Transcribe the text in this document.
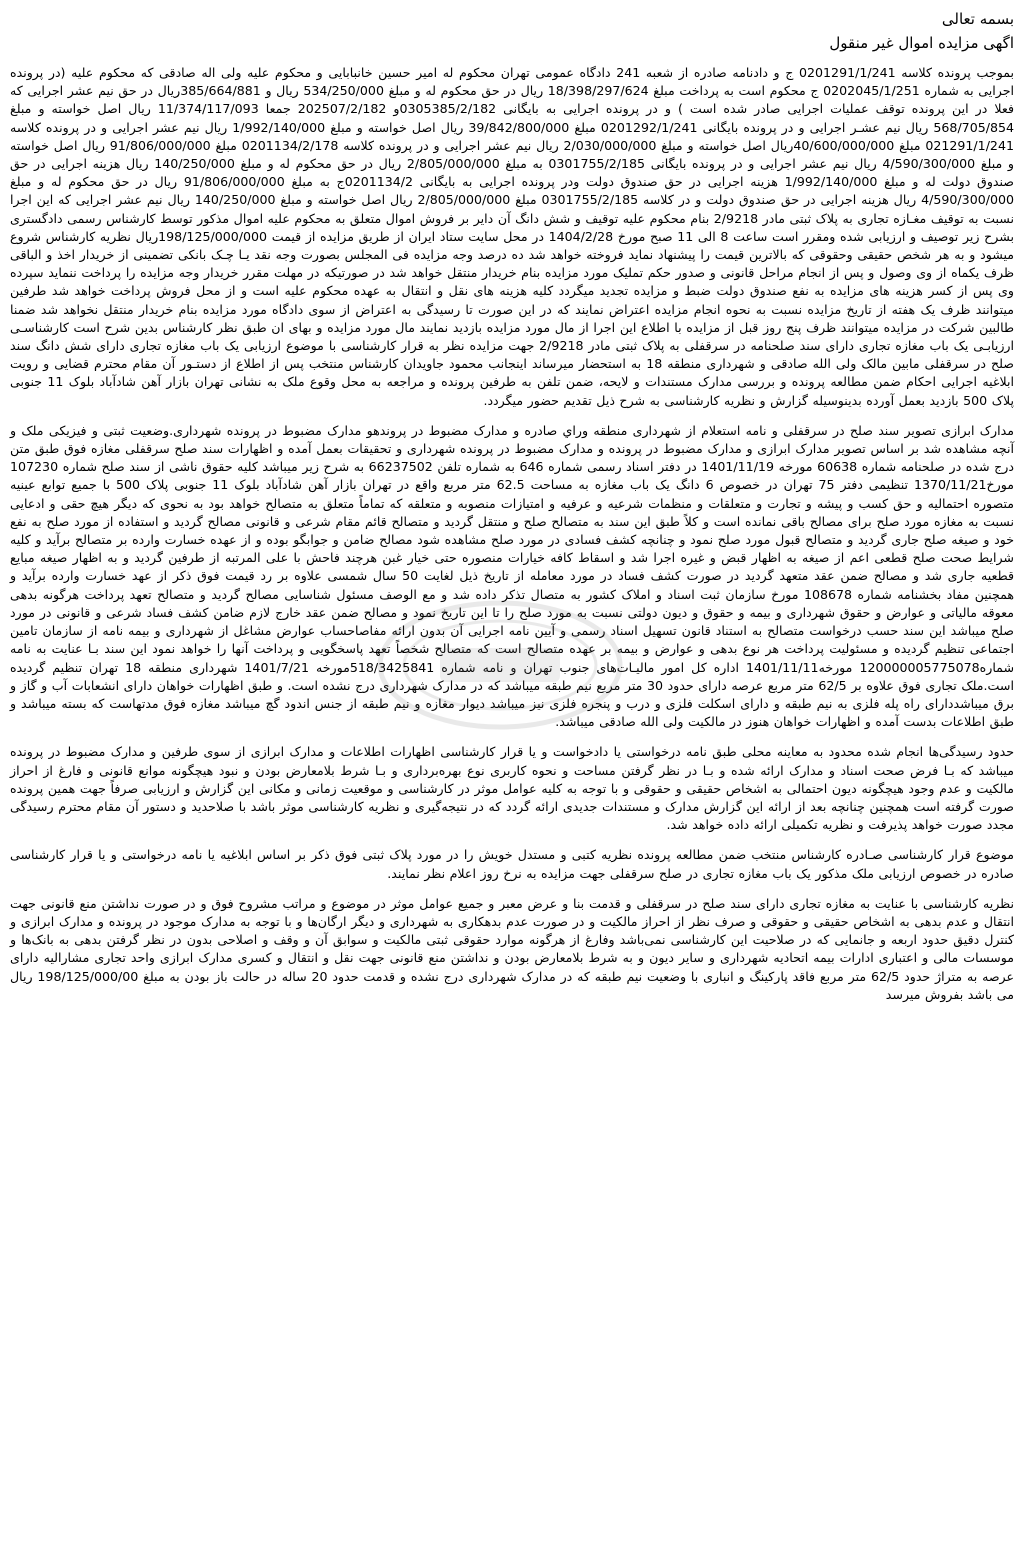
بسمه تعالی

اگهی مزایده اموال غیر منقول

بموجب پرونده کلاسه 0201291/1/241 ج و دادنامه صادره از شعبه 241 دادگاه عمومی تهران محکوم له امیر حسین خانبابایی و محکوم علیه ولی اله صادقی که محکوم علیه (در پرونده اجرایی به شماره 0202045/1/251 ج محکوم است به پرداخت مبلغ 18/398/297/624 ریال در حق محکوم له و مبلغ 534/250/000 ریال و 385/664/881ریال در حق نیم عشر اجرایی که فعلا در این پرونده توقف عملیات اجرایی صادر شده است ) و در پرونده اجرایی به بایگانی 0305385/2/182و 202507/2/182 جمعا 11/374/117/093 ریال اصل خواسته و مبلغ 568/705/854 ریال نیم عشـر اجرایی و در پرونده بایگانی 0201292/1/241 مبلغ 39/842/800/000 ریال اصل خواسته و مبلغ 1/992/140/000 ریال نیم عشر اجرایی و در پرونده کلاسه 021291/1/241 مبلغ 40/600/000/000ریال اصل خواسته و مبلغ 2/030/000/000 ریال نیم عشر اجرایی و در پرونده کلاسه 0201134/2/178 مبلغ 91/806/000/000 ریال اصل خواسته و مبلغ 4/590/300/000 ریال نیم عشر اجرایی و در پرونده بایگانی 0301755/2/185 به مبلغ 2/805/000/000 ریال در حق محکوم له و مبلغ 140/250/000 ریال هزینه اجرایی در حق صندوق دولت له و مبلغ 1/992/140/000 هزینه اجرایی در حق صندوق دولت ودر پرونده اجرایی به بایگانی 0201134/2ج به مبلغ 91/806/000/000 ریال در حق محکوم له و مبلغ 4/590/300/000 ریال هزینه اجرایی در حق صندوق دولت و در کلاسه 0301755/2/185 مبلغ 2/805/000/000 ریال اصل خواسته و مبلغ 140/250/000 ریال نیم عشر اجرایی که این اجرا نسبت به توقیف مغـازه تجاری به پلاک ثبتی مادر 2/9218 بنام محکوم علیه توقیف و شش دانگ آن دایر بر فروش اموال متعلق به محکوم علیه اموال مذکور توسط کارشناس رسمی دادگستری بشرح زیر توصیف و ارزیابی شده ومقرر است ساعت 8 الی 11 صبح مورخ 1404/2/28 در محل سایت ستاد ایران از طریق مزایده از قیمت 198/125/000/000ریال نظریه کارشناس شروع میشود و به هر شخص حقیقی وحقوقی که بالاترین قیمت را پیشنهاد نماید فروخته خواهد شد ده درصد وجه مزایده فی المجلس بصورت وجه نقد یـا چـک بانکی تضمینی از خریدار اخذ و الباقی ظرف یکماه از وی وصول و پس از انجام مراحل قانونی و صدور حکم تملیک مورد مزایده بنام خریدار منتقل خواهد شد در صورتیکه در مهلت مقرر خریدار وجه مزایده را پرداخت ننماید سپرده وی پس از کسر هزینه های مزایده به نفع صندوق دولت ضبط و مزایده تجدید میگردد کلیه هزینه های نقل و انتقال به عهده محکوم علیه است و از محل فروش پرداخت خواهد شد طرفین میتوانند ظرف یک هفته از تاریخ مزایده نسبت به نحوه انجام مزایده اعتراض نمایند که در این صورت تا رسیدگی به اعتراض از سوی دادگاه مورد مزایده بنام خریدار منتقل نخواهد شد ضمنا طالبین شرکت در مزایده میتوانند ظرف پنج روز قبل از مزایده با اطلاع این اجرا از مال مورد مزایده بازدید نمایند مال مورد مزایده و بهای ان طبق نظر کارشناس بدین شرح است کارشناسـی ارزیابـی یک باب مغازه تجاری دارای سند صلحنامه در سرقفلی به پلاک ثبتی مادر 2/9218 جهت مزایده نظر به قرار کارشناسی با موضوع ارزیابی یک باب مغازه تجاری دارای شش دانگ سند صلح در سرقفلی مابین مالک ولی الله صادقی و شهرداری منطقه 18 به استحضار میرساند اینجانب محمود جاویدان کارشناس منتخب پس از اطلاع از دستـور آن مقام محترم قضایی و رویت ابلاغیه اجرایی احکام ضمن مطالعه پرونده و بررسی مدارک مستندات و لایحه، ضمن تلفن به طرفین پرونده و مراجعه به محل وقوع ملک به نشانی تهران بازار آهن شادآباد بلوک 11 جنوبی پلاک 500 بازدید بعمل آورده بدینوسیله گزارش و نظریه کارشناسی به شرح ذیل تقدیم حضور میگردد.

مدارک ابرازی تصویر سند صلح در سرقفلی و نامه استعلام از شهرداری منطقه وراي صادره و مدارک مضبوط در پروندهو مدارک مضبوط در پرونده شهرداری.وضعیت ثبتی و فیزیکی ملک و آنچه مشاهده شد بر اساس تصویر مدارک ابرازی و مدارک مضبوط در پرونده و مدارک مضبوط در پرونده شهرداری و تحقیقات بعمل آمده و اظهارات سند صلح سرقفلی مغازه فوق طبق متن درج شده در صلحنامه شماره 60638 مورخه 1401/11/19 در دفتر اسناد رسمی شماره 646 به شماره تلفن 66237502 به شرح زیر میباشد کلیه حقوق ناشی از سند صلح شماره 107230 مورخ1370/11/21 تنظیمی دفتر 75 تهران در خصوص 6 دانگ یک باب مغازه به مساحت 62.5 متر مربع واقع در تهران بازار آهن شادآباد بلوک 11 جنوبی پلاک 500 با جمیع توابع عینیه متصوره احتمالیه و حق کسب و پیشه و تجارت و متعلقات و منظمات شرعیه و عرفیه و امتیازات منصوبه و متعلقه که تماماً متعلق به متصالح خواهد بود به نحوی که دیگر هیچ حقی و ادعایی نسبت به مغازه مورد صلح برای مصالح باقی نمانده است و کلاً طبق این سند به متصالح صلح و منتقل گردید و متصالح قائم مقام شرعی و قانونی مصالح گردید و استفاده از مورد صلح به نفع خود و صیغه صلح جاری گردید و متصالح قبول مورد صلح نمود و چنانچه کشف فسادی در مورد صلح مشاهده شود مصالح ضامن و جوابگو بوده و از عهده خسارت وارده بر متصالح برآید و کلیه شرایط صحت صلح قطعی اعم از صیغه به اظهار قبض و غیره اجرا شد و اسقاط کافه خیارات منصوره حتی خیار غبن هرچند فاحش با علی المرتبه از طرفین گردید و به اظهار صیغه مبایع قطعیه جاری شد و مصالح ضمن عقد متعهد گردید در صورت کشف فساد در مورد معامله از تاریخ ذیل لغایت 50 سال شمسی علاوه بر رد قیمت فوق ذکر از عهد خسارت وارده برآید و همچنین مفاد بخشنامه شماره 108678 مورخ سازمان ثبت اسناد و املاک کشور به متصال تذکر داده شد و مع الوصف مسئول شناسایی مصالح گردید و متصالح تعهد پرداخت هرگونه بدهی معوقه مالیاتی و عوارض و حقوق شهرداری و بیمه و حقوق و دیون دولتی نسبت به مورد صلح را تا این تاریخ نمود و مصالح ضمن عقد خارج لازم ضامن کشف فساد شرعی و قانونی در مورد صلح میباشد این سند حسب درخواست متصالح به استناد قانون تسهیل اسناد رسمی و آیین نامه اجرایی آن بدون ارائه مفاصاحساب عوارض مشاغل از شهرداری و بیمه نامه از سازمان تامین اجتماعی تنظیم گردیده و مسئولیت پرداخت هر نوع بدهی و عوارض و بیمه بر عهده متصالح است که متصالح شخصاً تعهد پاسخگویی و پرداخت آنها را خواهد نمود این سند بـا عنایت به نامه شماره120000005775078 مورخه1401/11/11 اداره کل امور مالیـات‌های جنوب تهران و نامه شماره 518/3425841مورخه 1401/7/21 شهرداری منطقه 18 تهران تنظیم گردیده است.ملک تجاری فوق علاوه بر 62/5 متر مربع عرصه دارای حدود 30 متر مربع نیم طبقه میباشد که در مدارک شهرداری درج نشده است. و طبق اظهارات خواهان دارای انشعابات آب و گاز و برق میباشددارای راه پله فلزی به نیم طبقه و دارای اسکلت فلزی و درب و پنجره فلزی نیز میباشد دیوار مغازه و نیم طبقه از جنس اندود گچ میباشد مغازه فوق مدتهاست که بسته میباشد و طبق اطلاعات بدست آمده و اظهارات خواهان هنوز در مالکیت ولی الله صادقی میباشد.

حدود رسیدگی‌ها انجام شده محدود به معاینه محلی طبق نامه درخواستی یا دادخواست و یا قرار کارشناسی اظهارات اطلاعات و مدارک ابرازی از سوی طرفین و مدارک مضبوط در پرونده میباشد که بـا فرض صحت اسناد و مدارک ارائه شده و بـا در نظر گرفتن مساحت و نحوه کاربری نوع بهره‌برداری و بـا شرط بلامعارض بودن و نبود هیچگونه موانع قانونی و فارغ از احراز مالکیت و عدم وجود هیچگونه دیون احتمالی به اشخاص حقیقی و حقوقی و با توجه به کلیه عوامل موثر در کارشناسی و موقعیت زمانی و مکانی این گزارش و ارزیابی صرفاً جهت همین پرونده صورت گرفته است همچنین چنانچه بعد از ارائه این گزارش مدارک و مستندات جدیدی ارائه گردد که در نتیجه‌گیری و نظریه کارشناسی موثر باشد با صلاحدید و دستور آن مقام محترم رسیدگی مجدد صورت خواهد پذیرفت و نظریه تکمیلی ارائه داده خواهد شد.

موضوع قرار کارشناسی صـادره کارشناس منتخب ضمن مطالعه پرونده نظریه کتبی و مستدل خویش را در مورد پلاک ثبتی فوق ذکر بر اساس ابلاغیه یا نامه درخواستی و یا قرار کارشناسی صادره در خصوص ارزیابی ملک مذکور یک باب مغازه تجاری در صلح سرقفلی جهت مزایده به نرخ روز اعلام نظر نمایند.

نظریه کارشناسی با عنایت به مغازه تجاری دارای سند صلح در سرقفلی و قدمت بنا و عرض معبر و جمیع عوامل موثر در موضوع و مراتب مشروح فوق و در صورت نداشتن منع قانونی جهت انتقال و عدم بدهی به اشخاص حقیقی و حقوقی و صرف نظر از احراز مالکیت و در صورت عدم بدهکاری به شهرداری و دیگر ارگان‌ها و با توجه به مدارک موجود در پرونده و مدارک ابرازی و کنترل دقیق حدود اربعه و جانمایی که در صلاحیت این کارشناسی نمی‌باشد وفارغ از هرگونه موارد حقوقی ثبتی مالکیت و سوابق آن و وقف و اصلاحی بدون در نظر گرفتن بدهی به بانک‌ها و موسسات مالی و اعتباری ادارات بیمه اتحادیه شهرداری و سایر دیون و به شرط بلامعارض بودن و نداشتن منع قانونی جهت نقل و انتقال و کسری مدارک ابرازی واحد تجاری مشاراليه دارای عرصه به متراژ حدود 62/5 متر مربع فاقد پارکینگ و انباری با وضعیت نیم طبقه که در مدارک شهرداری درج نشده و قدمت حدود 20 ساله در حالت باز بودن به مبلغ 198/125/000/00 ریال می باشد بفروش میرسد
